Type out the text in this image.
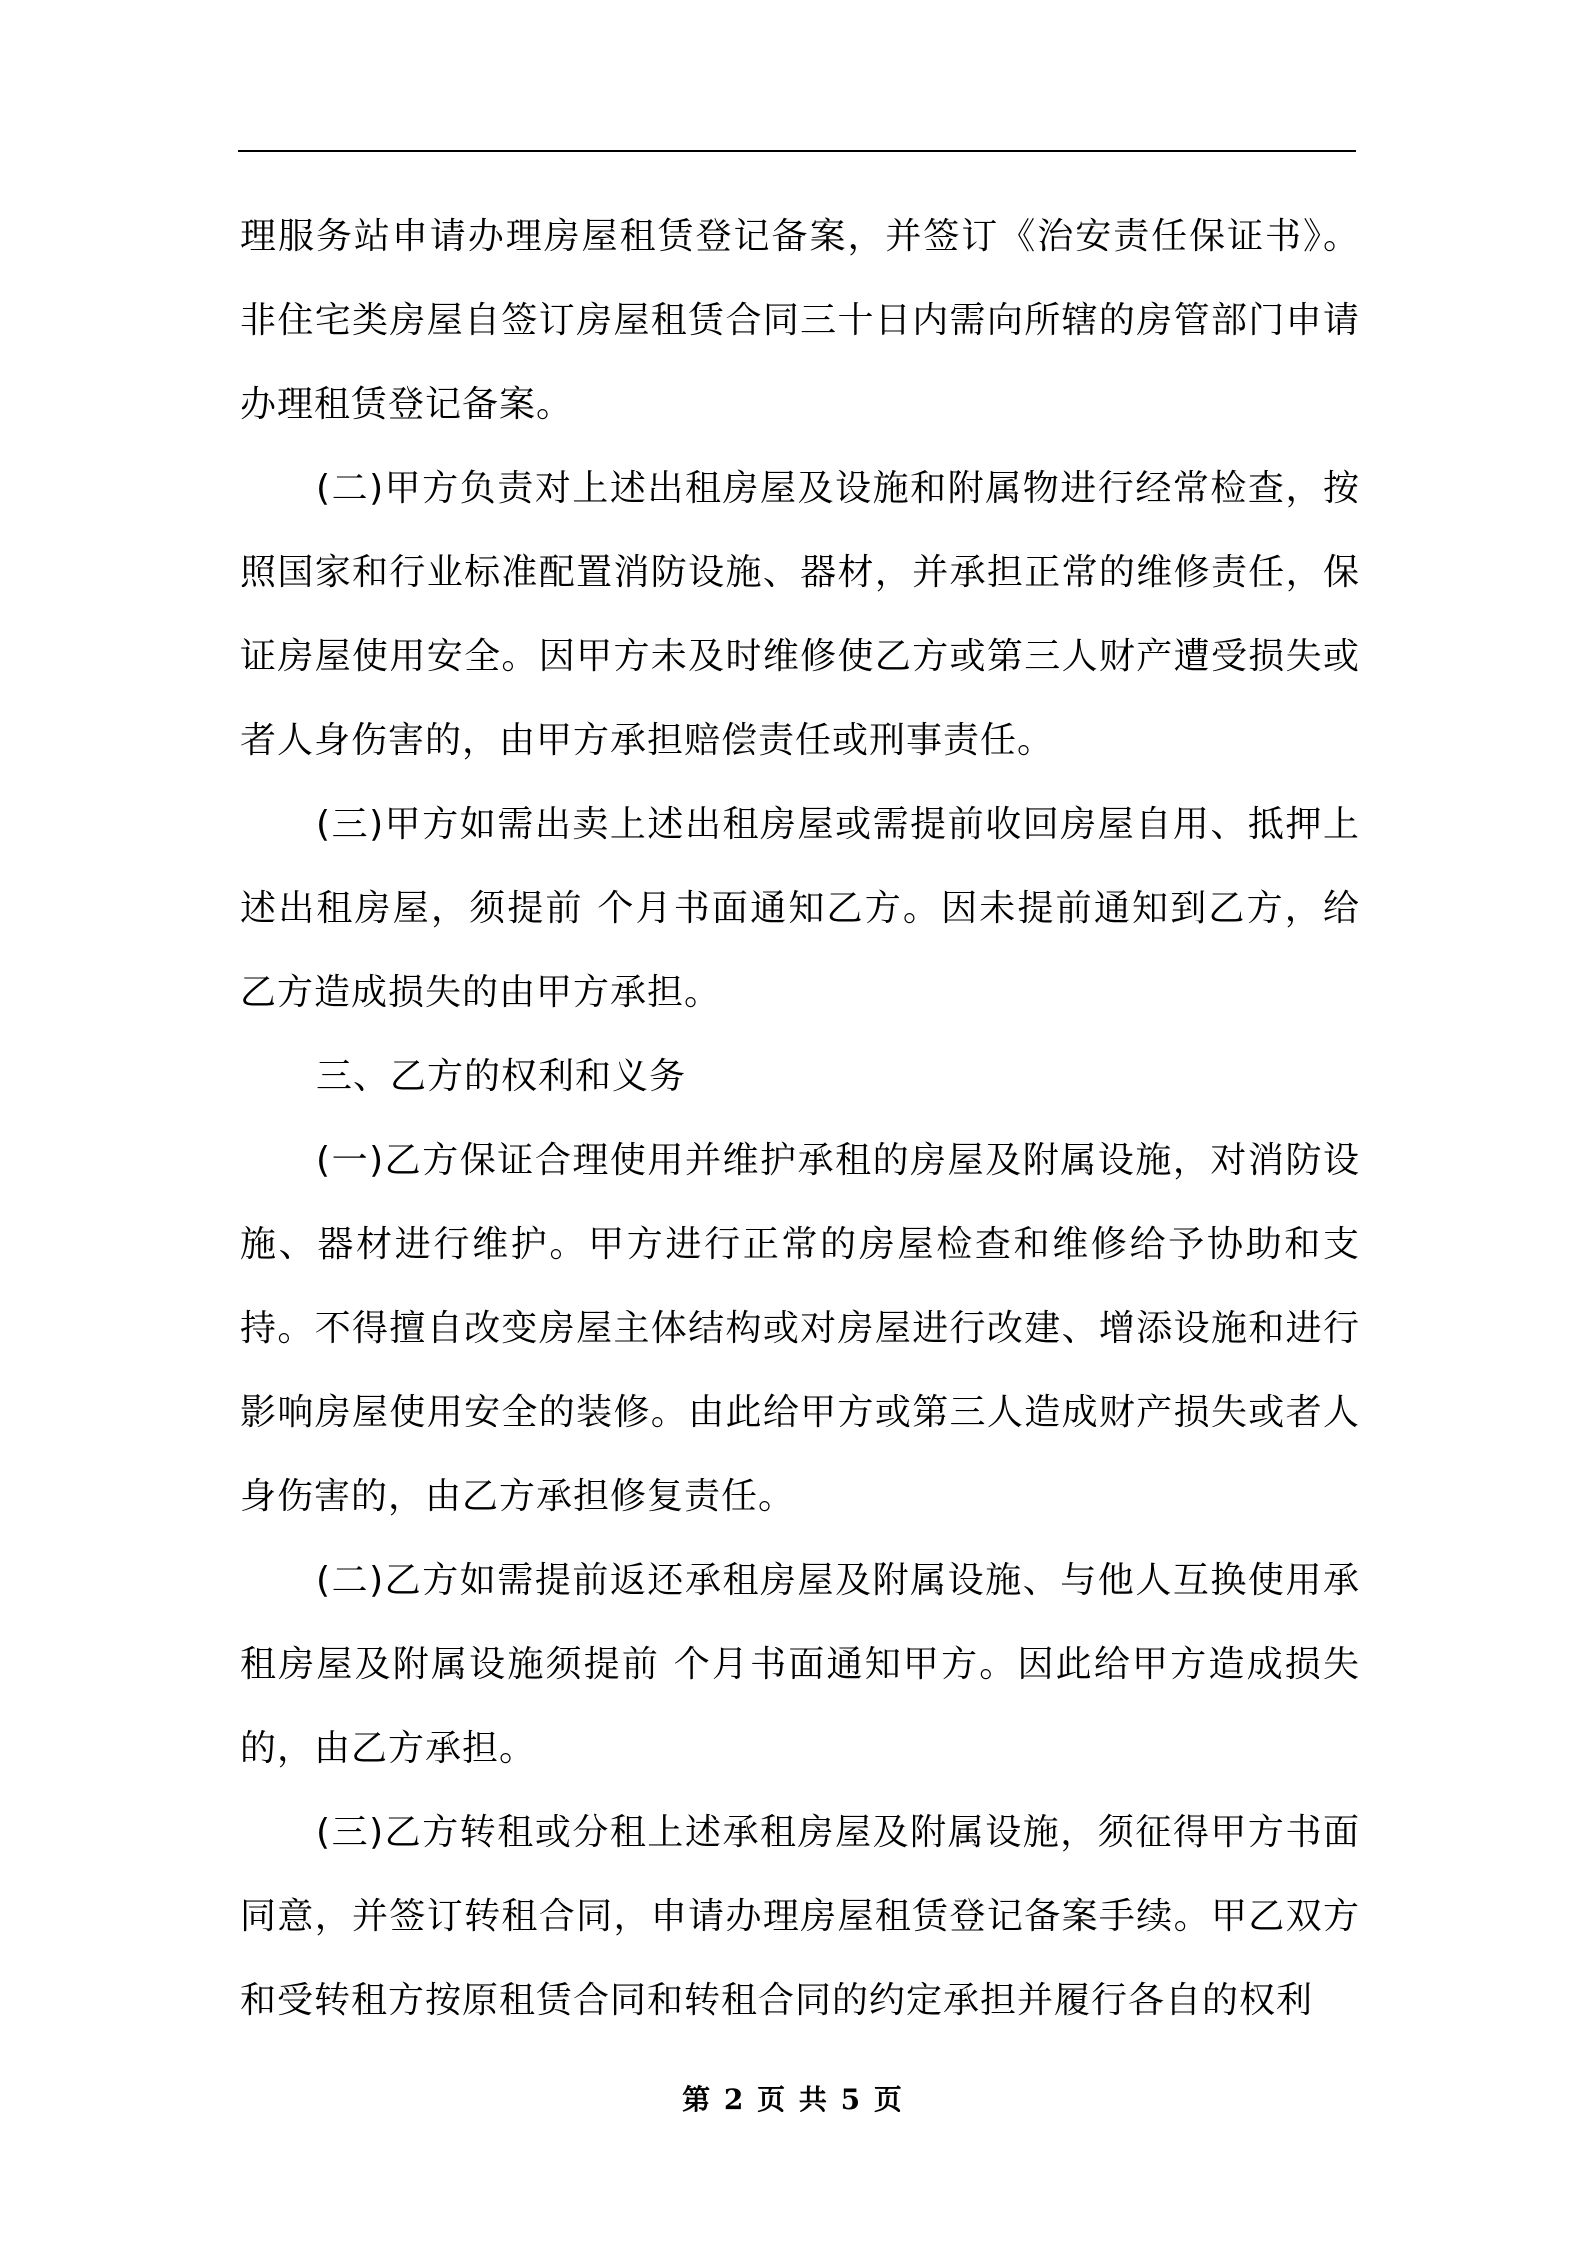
理服务站申请办理房屋租赁登记备案，并签订《治安责任保证书》。非住宅类房屋自签订房屋租赁合同三十日内需向所辖的房管部门申请办理租赁登记备案。

(二)甲方负责对上述出租房屋及设施和附属物进行经常检查，按照国家和行业标准配置消防设施、器材，并承担正常的维修责任，保证房屋使用安全。因甲方未及时维修使乙方或第三人财产遭受损失或者人身伤害的，由甲方承担赔偿责任或刑事责任。

(三)甲方如需出卖上述出租房屋或需提前收回房屋自用、抵押上述出租房屋，须提前 个月书面通知乙方。因未提前通知到乙方，给乙方造成损失的由甲方承担。

三、乙方的权利和义务

(一)乙方保证合理使用并维护承租的房屋及附属设施，对消防设施、器材进行维护。甲方进行正常的房屋检查和维修给予协助和支持。不得擅自改变房屋主体结构或对房屋进行改建、增添设施和进行影响房屋使用安全的装修。由此给甲方或第三人造成财产损失或者人身伤害的，由乙方承担修复责任。

(二)乙方如需提前返还承租房屋及附属设施、与他人互换使用承租房屋及附属设施须提前 个月书面通知甲方。因此给甲方造成损失的，由乙方承担。

(三)乙方转租或分租上述承租房屋及附属设施，须征得甲方书面同意，并签订转租合同，申请办理房屋租赁登记备案手续。甲乙双方和受转租方按原租赁合同和转租合同的约定承担并履行各自的权利

第 2 页 共 5 页
